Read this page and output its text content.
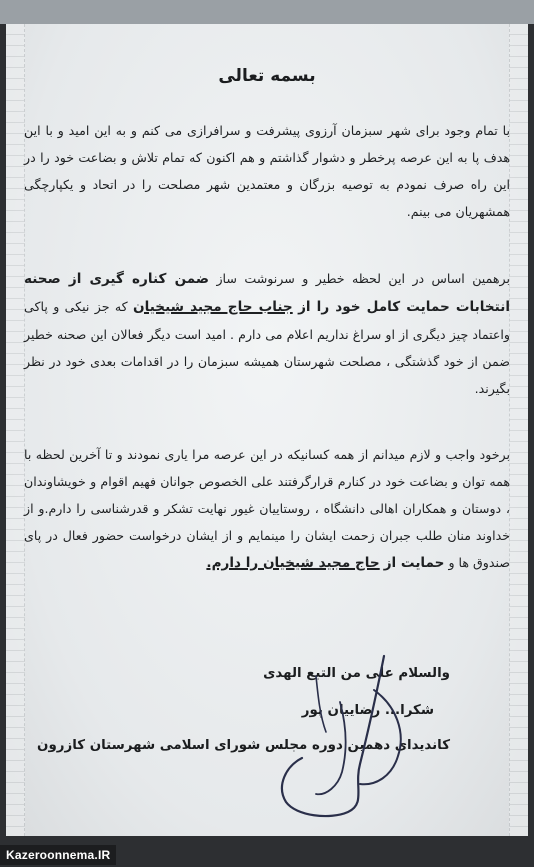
بسمه تعالی

با تمام وجود برای شهر سبزمان آرزوی پیشرفت و سرافرازی می کنم و به این امید و با این هدف پا به این عرصه پرخطر و دشوار گذاشتم و هم اکنون که تمام تلاش و بضاعت خود را در این راه صرف نمودم به توصیه بزرگان و معتمدین شهر مصلحت را در اتحاد و یکپارچگی همشهریان می بینم.

برهمین اساس در این لحظه خطیر و سرنوشت ساز ضمن کناره گیری از صحنه انتخابات حمایت کامل خود را از جناب حاج مجید شیخیان که جز نیکی و پاکی واعتماد چیز دیگری از او سراغ نداریم اعلام می دارم . امید است دیگر فعالان این صحنه خطیر ضمن از خود گذشتگی ، مصلحت شهرستان همیشه سبزمان را در اقدامات بعدی خود در نظر بگیرند.

برخود واجب و لازم میدانم از همه کسانیکه در این عرصه مرا یاری نمودند و تا آخرین لحظه با همه توان و بضاعت خود در کنارم قرارگرفتند علی الخصوص جوانان فهیم اقوام و خویشاوندان ، دوستان و همکاران اهالی دانشگاه ، روستاییان غیور نهایت تشکر و قدرشناسی را دارم.و از خداوند منان طلب جبران زحمت ایشان را مینمایم و از ایشان درخواست حضور فعال در پای صندوق ها و حمایت از حاج مجید شیخیان را دارم.

والسلام علی من التبع الهدی
شکرا... رضاییان پور
کاندیدای دهمین دوره مجلس شورای اسلامی شهرستان کازرون
Kazeroonnema.IR
